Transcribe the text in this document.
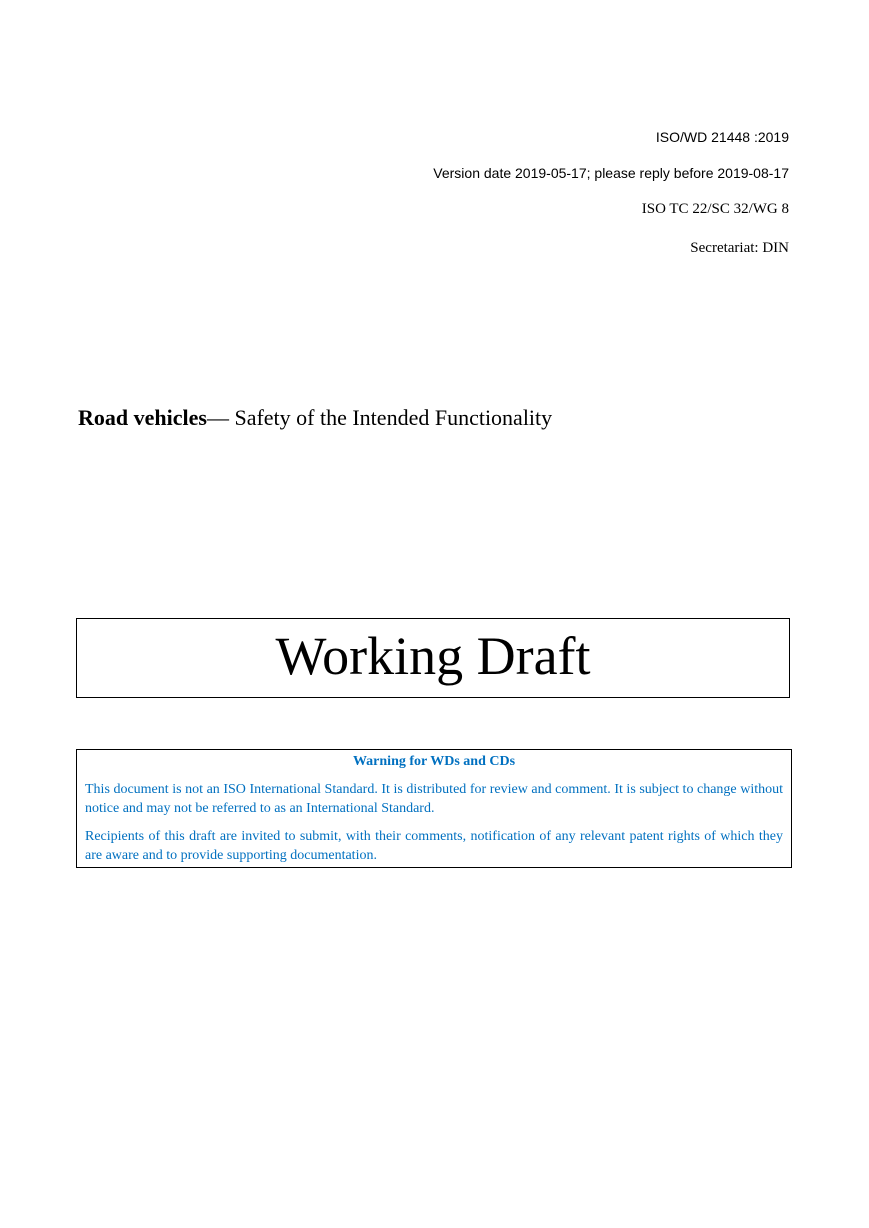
ISO/WD 21448 :2019

Version date 2019-05-17; please reply before 2019-08-17

ISO TC 22/SC 32/WG 8

Secretariat: DIN

Road vehicles— Safety of the Intended Functionality
Working Draft

Warning for WDs and CDs

This document is not an ISO International Standard. It is distributed for review and comment. It is subject to change without notice and may not be referred to as an International Standard.

Recipients of this draft are invited to submit, with their comments, notification of any relevant patent rights of which they are aware and to provide supporting documentation.
